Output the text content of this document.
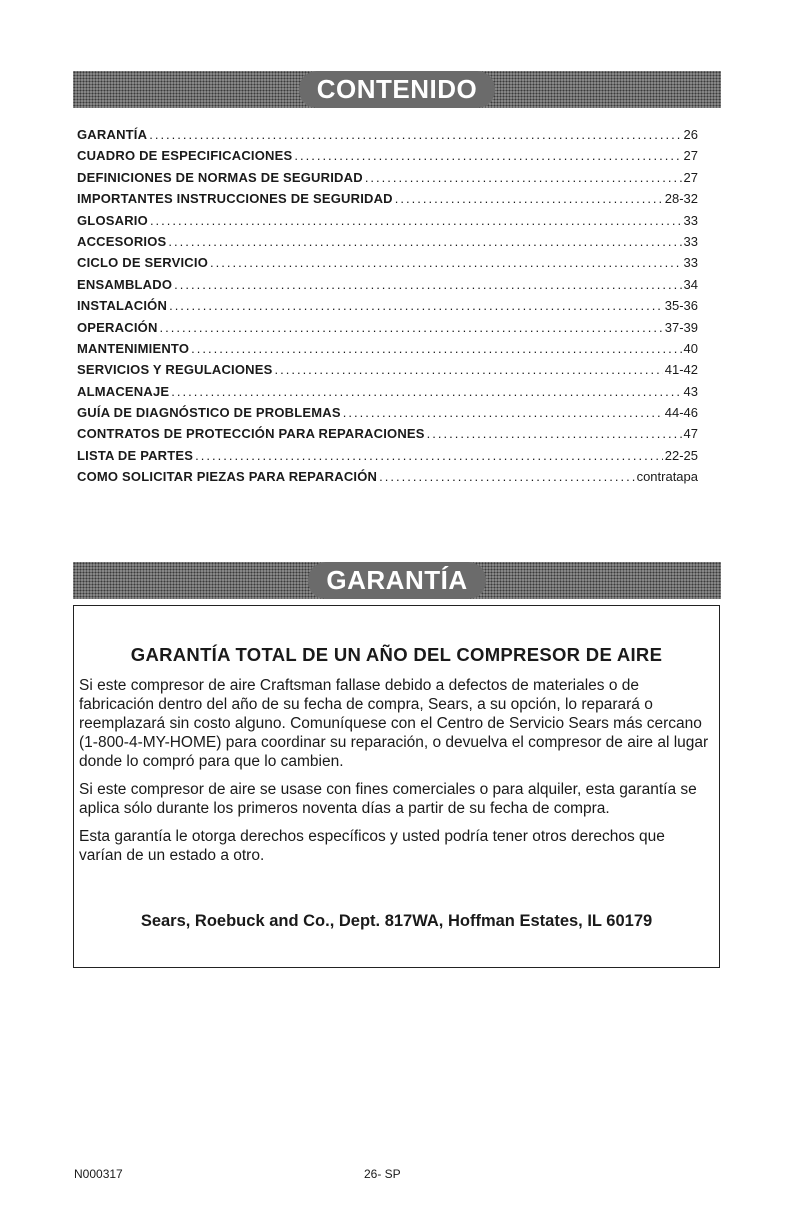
CONTENIDO
GARANTÍA .....	26
CUADRO DE ESPECIFICACIONES .....	27
DEFINICIONES DE NORMAS DE SEGURIDAD .....	27
IMPORTANTES INSTRUCCIONES DE SEGURIDAD .....	28-32
GLOSARIO .....	33
ACCESORIOS .....	33
CICLO DE SERVICIO .....	33
ENSAMBLADO .....	34
INSTALACIÓN .....	35-36
OPERACIÓN .....	37-39
MANTENIMIENTO .....	40
SERVICIOS Y REGULACIONES .....	41-42
ALMACENAJE .....	43
GUÍA DE DIAGNÓSTICO DE PROBLEMAS .....	44-46
CONTRATOS DE PROTECCIÓN PARA REPARACIONES .....	47
LISTA DE PARTES .....	22-25
COMO SOLICITAR PIEZAS PARA REPARACIÓN .....	contratapa
GARANTÍA
GARANTÍA TOTAL DE UN AÑO DEL COMPRESOR DE AIRE

Si este compresor de aire Craftsman fallase debido a defectos de materiales o de fabricación dentro del año de su fecha de compra, Sears, a su opción, lo reparará o reemplazará sin costo alguno. Comuníquese con el Centro de Servicio Sears más cercano (1-800-4-MY-HOME) para coordinar su reparación, o devuelva el compresor de aire al lugar donde lo compró para que lo cambien.

Si este compresor de aire se usase con fines comerciales o para alquiler, esta garantía se aplica sólo durante los primeros noventa días a partir de su fecha de compra.

Esta garantía le otorga derechos específicos y usted podría tener otros derechos que varían de un estado a otro.

Sears, Roebuck and Co., Dept. 817WA, Hoffman Estates, IL 60179
N000317	26- SP
